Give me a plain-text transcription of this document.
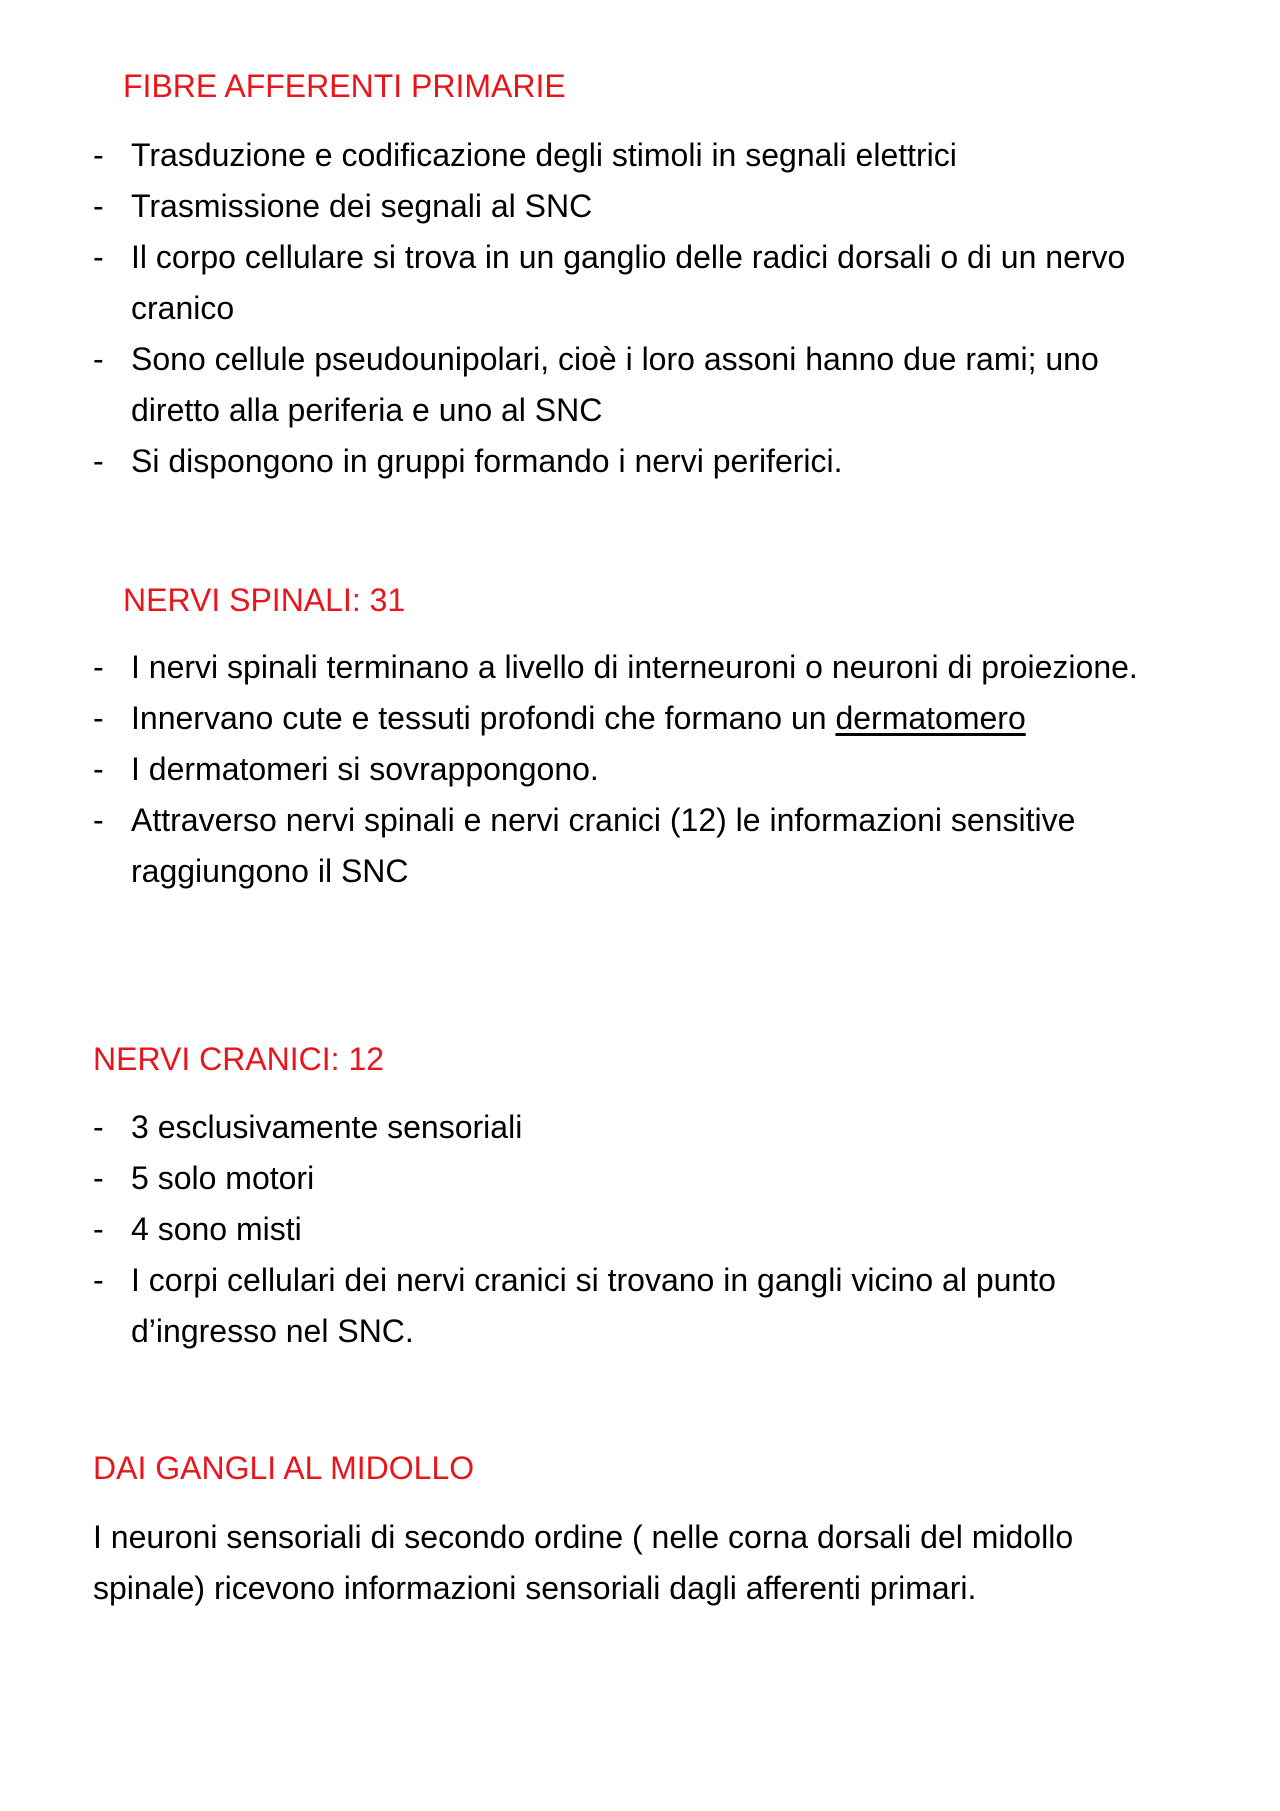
FIBRE AFFERENTI PRIMARIE
- Trasduzione e codificazione degli stimoli in segnali elettrici
- Trasmissione dei segnali al SNC
- Il corpo cellulare si trova in un ganglio delle radici dorsali o di un nervo cranico
- Sono cellule pseudounipolari, cioè i loro assoni hanno due rami; uno diretto alla periferia e uno al SNC
- Si dispongono in gruppi formando i nervi periferici.
NERVI SPINALI: 31
- I nervi spinali terminano a livello di interneuroni o neuroni di proiezione.
- Innervano cute e tessuti profondi che formano un dermatomero
- I dermatomeri si sovrappongono.
- Attraverso nervi spinali e nervi cranici (12) le informazioni sensitive raggiungono il SNC
NERVI CRANICI: 12
- 3 esclusivamente sensoriali
- 5 solo motori
- 4 sono misti
- I corpi cellulari dei nervi cranici si trovano in gangli vicino al punto d’ingresso nel SNC.
DAI GANGLI AL MIDOLLO

I neuroni sensoriali di secondo ordine ( nelle corna dorsali del midollo spinale) ricevono informazioni sensoriali dagli afferenti primari.
